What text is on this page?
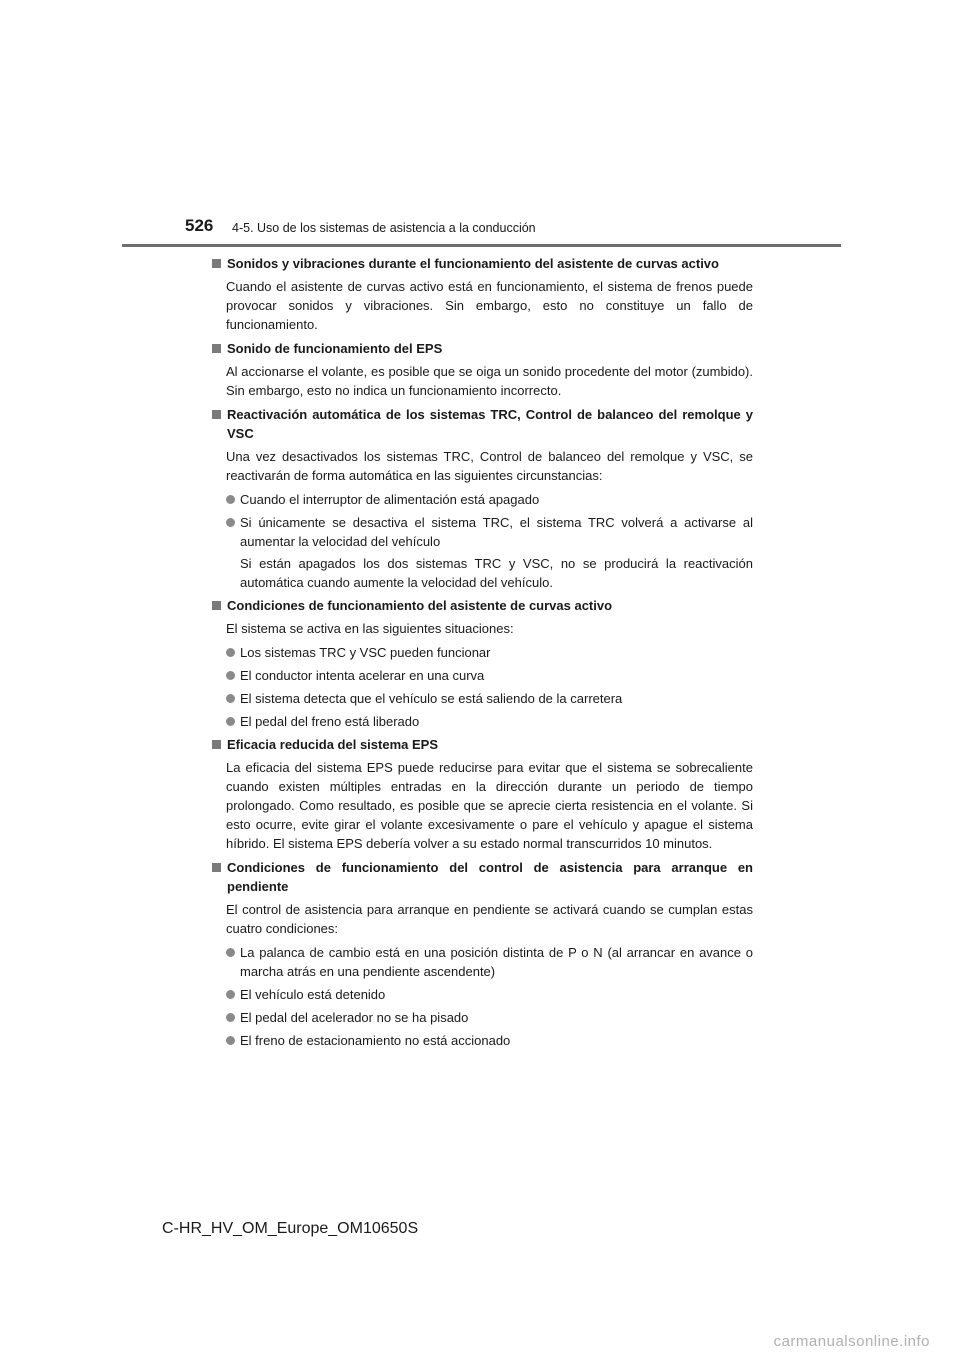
526 4-5. Uso de los sistemas de asistencia a la conducción
Sonidos y vibraciones durante el funcionamiento del asistente de curvas activo
Cuando el asistente de curvas activo está en funcionamiento, el sistema de frenos puede provocar sonidos y vibraciones. Sin embargo, esto no constituye un fallo de funcionamiento.
Sonido de funcionamiento del EPS
Al accionarse el volante, es posible que se oiga un sonido procedente del motor (zumbido). Sin embargo, esto no indica un funcionamiento incorrecto.
Reactivación automática de los sistemas TRC, Control de balanceo del remolque y VSC
Una vez desactivados los sistemas TRC, Control de balanceo del remolque y VSC, se reactivarán de forma automática en las siguientes circunstancias:
Cuando el interruptor de alimentación está apagado
Si únicamente se desactiva el sistema TRC, el sistema TRC volverá a activarse al aumentar la velocidad del vehículo
Si están apagados los dos sistemas TRC y VSC, no se producirá la reactivación automática cuando aumente la velocidad del vehículo.
Condiciones de funcionamiento del asistente de curvas activo
El sistema se activa en las siguientes situaciones:
Los sistemas TRC y VSC pueden funcionar
El conductor intenta acelerar en una curva
El sistema detecta que el vehículo se está saliendo de la carretera
El pedal del freno está liberado
Eficacia reducida del sistema EPS
La eficacia del sistema EPS puede reducirse para evitar que el sistema se sobrecaliente cuando existen múltiples entradas en la dirección durante un periodo de tiempo prolongado. Como resultado, es posible que se aprecie cierta resistencia en el volante. Si esto ocurre, evite girar el volante excesivamente o pare el vehículo y apague el sistema híbrido. El sistema EPS debería volver a su estado normal transcurridos 10 minutos.
Condiciones de funcionamiento del control de asistencia para arranque en pendiente
El control de asistencia para arranque en pendiente se activará cuando se cumplan estas cuatro condiciones:
La palanca de cambio está en una posición distinta de P o N (al arrancar en avance o marcha atrás en una pendiente ascendente)
El vehículo está detenido
El pedal del acelerador no se ha pisado
El freno de estacionamiento no está accionado
C-HR_HV_OM_Europe_OM10650S
carmanualsonline.info
